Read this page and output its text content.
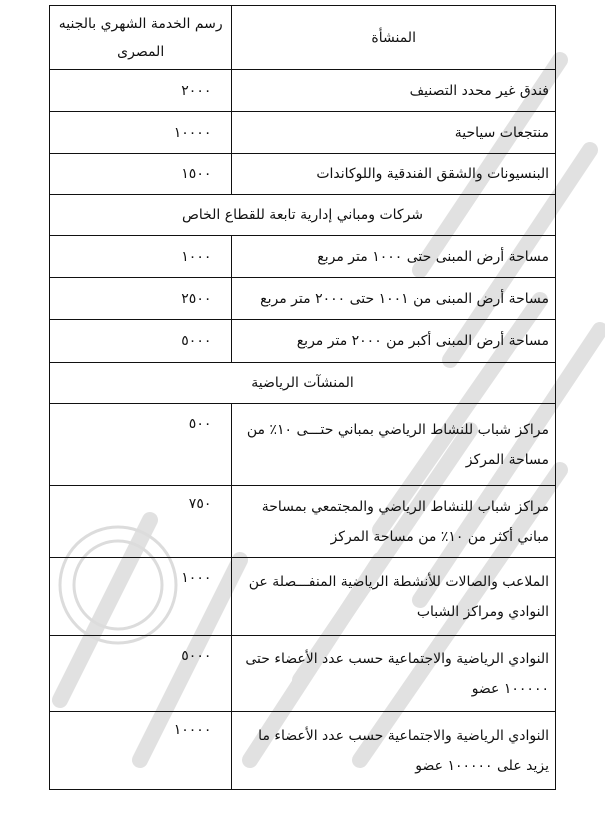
المنشأة	رسم الخدمة الشهري بالجنيه المصرى
فندق غير محدد التصنيف	٢٠٠٠

منتجعات سياحية	١٠٠٠٠

البنسيونات والشقق الفندقية واللوكاندات	١٥٠٠

شركات ومباني إدارية تابعة للقطاع الخاص	
مساحة أرض المبنى حتى ١٠٠٠ متر مربع	١٠٠٠

مساحة أرض المبنى من ١٠٠١ حتى ٢٠٠٠ متر مربع	٢٥٠٠

مساحة أرض المبنى أكبر من ٢٠٠٠ متر مربع	٥٠٠٠

المنشآت الرياضية	
مراكز شباب للنشاط الرياضي بمباني حتـــى ١٠٪ من مساحة المركز	٥٠٠

مراكز شباب للنشاط الرياضي والمجتمعي بمساحة مباني أكثر من ١٠٪ من مساحة المركز	٧٥٠

الملاعب والصالات للأنشطة الرياضية المنفـــصلة عن النوادي ومراكز الشباب	١٠٠٠

النوادي الرياضية والاجتماعية حسب عدد الأعضاء حتى ١٠٠٠٠٠ عضو	٥٠٠٠

النوادي الرياضية والاجتماعية حسب عدد الأعضاء ما يزيد على ١٠٠٠٠٠ عضو	١٠٠٠٠
